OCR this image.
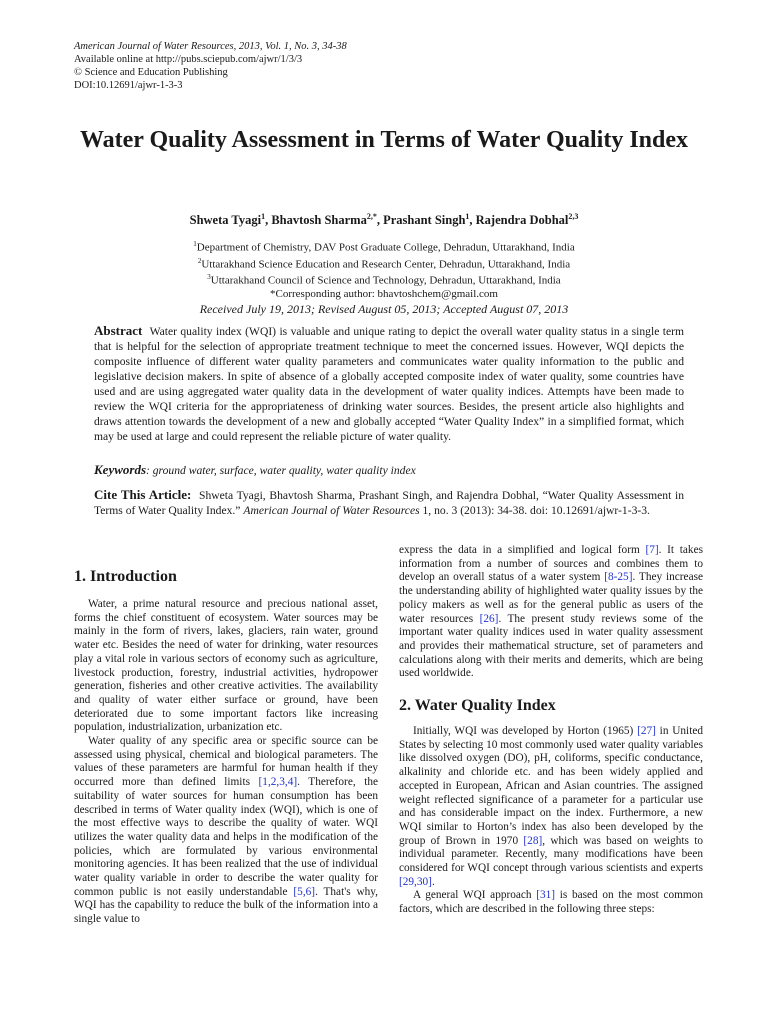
American Journal of Water Resources, 2013, Vol. 1, No. 3, 34-38
Available online at http://pubs.sciepub.com/ajwr/1/3/3
© Science and Education Publishing
DOI:10.12691/ajwr-1-3-3
Water Quality Assessment in Terms of Water Quality Index
Shweta Tyagi$^1$, Bhavtosh Sharma$^{2,*}$, Prashant Singh$^1$, Rajendra Dobhal$^{2,3}$
$^1$Department of Chemistry, DAV Post Graduate College, Dehradun, Uttarakhand, India
$^2$Uttarakhand Science Education and Research Center, Dehradun, Uttarakhand, India
$^3$Uttarakhand Council of Science and Technology, Dehradun, Uttarakhand, India
*Corresponding author: bhavtoshchem@gmail.com
Received July 19, 2013; Revised August 05, 2013; Accepted August 07, 2013
Abstract Water quality index (WQI) is valuable and unique rating to depict the overall water quality status in a single term that is helpful for the selection of appropriate treatment technique to meet the concerned issues. However, WQI depicts the composite influence of different water quality parameters and communicates water quality information to the public and legislative decision makers. In spite of absence of a globally accepted composite index of water quality, some countries have used and are using aggregated water quality data in the development of water quality indices. Attempts have been made to review the WQI criteria for the appropriateness of drinking water sources. Besides, the present article also highlights and draws attention towards the development of a new and globally accepted “Water Quality Index” in a simplified format, which may be used at large and could represent the reliable picture of water quality.
Keywords: ground water, surface, water quality, water quality index
Cite This Article: Shweta Tyagi, Bhavtosh Sharma, Prashant Singh, and Rajendra Dobhal, “Water Quality Assessment in Terms of Water Quality Index.” American Journal of Water Resources 1, no. 3 (2013): 34-38. doi: 10.12691/ajwr-1-3-3.
1. Introduction

Water, a prime natural resource and precious national asset, forms the chief constituent of ecosystem. Water sources may be mainly in the form of rivers, lakes, glaciers, rain water, ground water etc. Besides the need of water for drinking, water resources play a vital role in various sectors of economy such as agriculture, livestock production, forestry, industrial activities, hydropower generation, fisheries and other creative activities. The availability and quality of water either surface or ground, have been deteriorated due to some important factors like increasing population, industrialization, urbanization etc.

Water quality of any specific area or specific source can be assessed using physical, chemical and biological parameters. The values of these parameters are harmful for human health if they occurred more than defined limits [1,2,3,4]. Therefore, the suitability of water sources for human consumption has been described in terms of Water quality index (WQI), which is one of the most effective ways to describe the quality of water. WQI utilizes the water quality data and helps in the modification of the policies, which are formulated by various environmental monitoring agencies. It has been realized that the use of individual water quality variable in order to describe the water quality for common public is not easily understandable [5,6]. That's why, WQI has the capability to reduce the bulk of the information into a single value to

express the data in a simplified and logical form [7]. It takes information from a number of sources and combines them to develop an overall status of a water system [8-25]. They increase the understanding ability of highlighted water quality issues by the policy makers as well as for the general public as users of the water resources [26]. The present study reviews some of the important water quality indices used in water quality assessment and provides their mathematical structure, set of parameters and calculations along with their merits and demerits, which are being used worldwide.

2. Water Quality Index

Initially, WQI was developed by Horton (1965) [27] in United States by selecting 10 most commonly used water quality variables like dissolved oxygen (DO), pH, coliforms, specific conductance, alkalinity and chloride etc. and has been widely applied and accepted in European, African and Asian countries. The assigned weight reflected significance of a parameter for a particular use and has considerable impact on the index. Furthermore, a new WQI similar to Horton’s index has also been developed by the group of Brown in 1970 [28], which was based on weights to individual parameter. Recently, many modifications have been considered for WQI concept through various scientists and experts [29,30].

A general WQI approach [31] is based on the most common factors, which are described in the following three steps:
